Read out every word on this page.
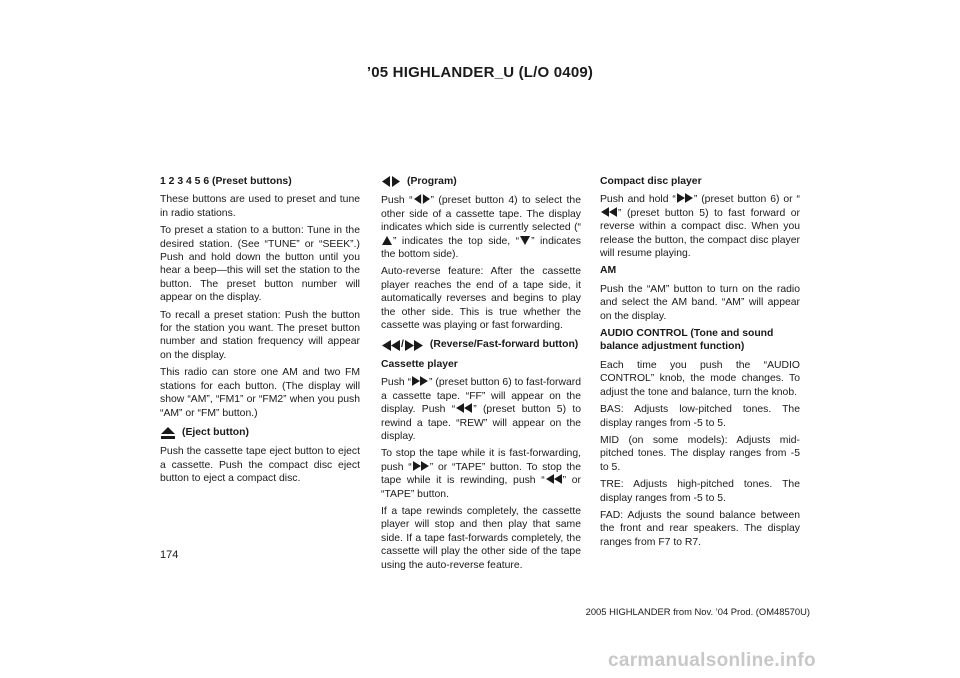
’05 HIGHLANDER_U (L/O 0409)

1 2 3 4 5 6 (Preset buttons)

These buttons are used to preset and tune in radio stations.

To preset a station to a button: Tune in the desired station. (See “TUNE” or “SEEK”.) Push and hold down the button until you hear a beep—this will set the station to the button. The preset button number will appear on the display.

To recall a preset station: Push the button for the station you want. The preset button number and station frequency will appear on the display.

This radio can store one AM and two FM stations for each button. (The display will show “AM”, “FM1” or “FM2” when you push “AM” or “FM” button.)

(Eject button)

Push the cassette tape eject button to eject a cassette. Push the compact disc eject button to eject a compact disc.

(Program)

Push “ ” (preset button 4) to select the other side of a cassette tape. The display indicates which side is currently selected (“” indicates the top side, “ ” indicates the bottom side).

Auto-reverse feature: After the cassette player reaches the end of a tape side, it automatically reverses and begins to play the other side. This is true whether the cassette was playing or fast forwarding.

/	(Reverse/Fast-forward button)

Cassette player

Push “ ” (preset button 6) to fast-forward a cassette tape. “FF” will appear on the display. Push “ ” (preset button 5) to rewind a tape. “REW” will appear on the display.

To stop the tape while it is fast-forwarding, push “ ” or “TAPE” button. To stop the tape while it is rewinding, push “ ” or “TAPE” button.

If a tape rewinds completely, the cassette player will stop and then play that same side. If a tape fast-forwards completely, the cassette will play the other side of the tape using the auto-reverse feature.

Compact disc player

Push and hold “ ” (preset button 6) or “” (preset button 5) to fast forward or reverse within a compact disc. When you release the button, the compact disc player will resume playing.

AM

Push the “AM” button to turn on the radio and select the AM band. “AM” will appear on the display.

AUDIO CONTROL (Tone and sound balance adjustment function)

Each time you push the “AUDIO CONTROL” knob, the mode changes. To adjust the tone and balance, turn the knob.

BAS: Adjusts low-pitched tones. The display ranges from -5 to 5.

MID (on some models): Adjusts mid-pitched tones. The display ranges from -5 to 5.

TRE: Adjusts high-pitched tones. The display ranges from -5 to 5.

FAD: Adjusts the sound balance between the front and rear speakers. The display ranges from F7 to R7.

174
2005 HIGHLANDER from Nov. ’04 Prod. (OM48570U)
carmanualsonline.info
